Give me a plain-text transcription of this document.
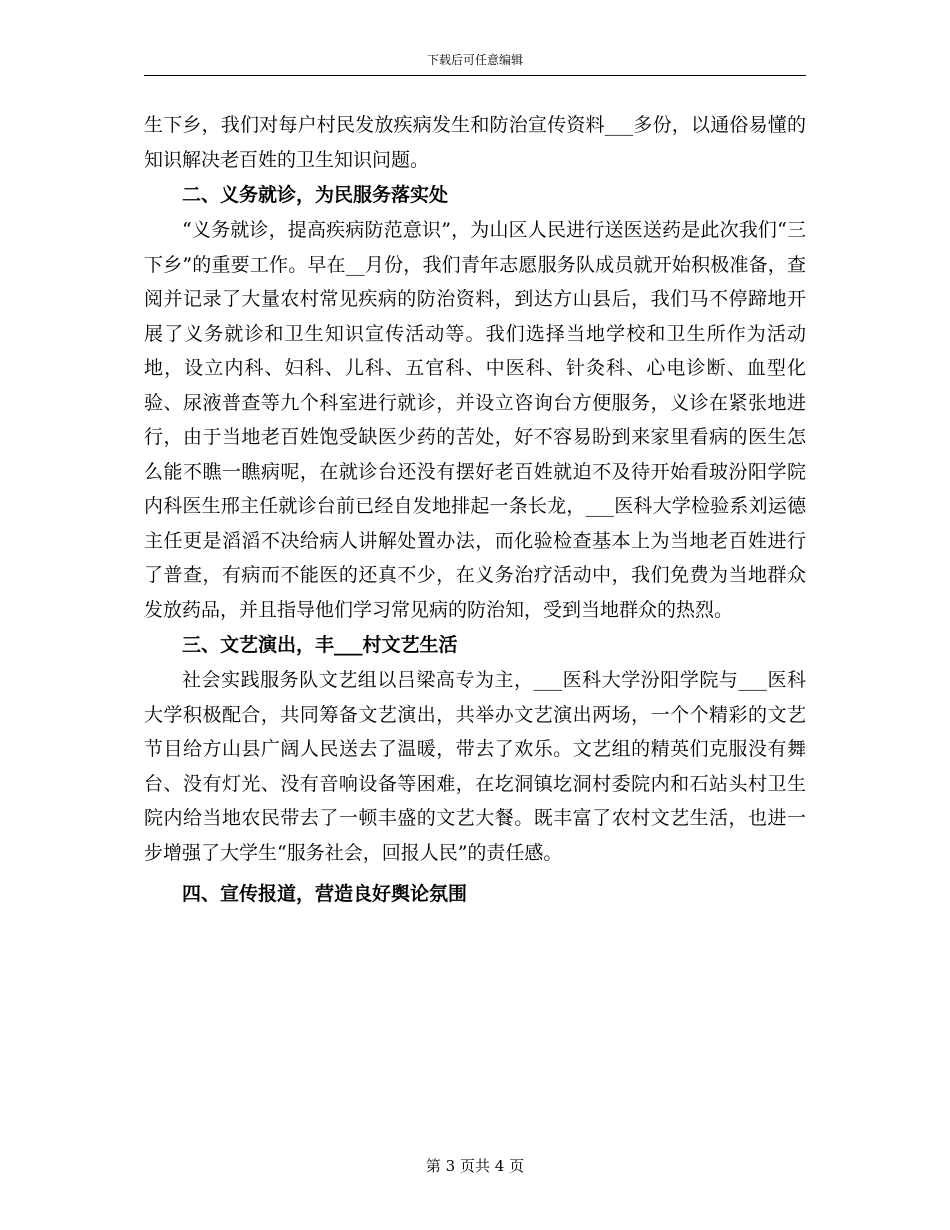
下载后可任意编辑

生下乡，我们对每户村民发放疾病发生和防治宣传资料___多份，以通俗易懂的知识解决老百姓的卫生知识问题。

二、义务就诊，为民服务落实处

“义务就诊，提高疾病防范意识”，为山区人民进行送医送药是此次我们“三下乡”的重要工作。早在__月份，我们青年志愿服务队成员就开始积极准备，查阅并记录了大量农村常见疾病的防治资料，到达方山县后，我们马不停蹄地开展了义务就诊和卫生知识宣传活动等。我们选择当地学校和卫生所作为活动地，设立内科、妇科、儿科、五官科、中医科、针灸科、心电诊断、血型化验、尿液普查等九个科室进行就诊，并设立咨询台方便服务，义诊在紧张地进行，由于当地老百姓饱受缺医少药的苦处，好不容易盼到来家里看病的医生怎么能不瞧一瞧病呢，在就诊台还没有摆好老百姓就迫不及待开始看玻汾阳学院内科医生邢主任就诊台前已经自发地排起一条长龙，___医科大学检验系刘运德主任更是滔滔不决给病人讲解处置办法，而化验检查基本上为当地老百姓进行了普查，有病而不能医的还真不少，在义务治疗活动中，我们免费为当地群众发放药品，并且指导他们学习常见病的防治知，受到当地群众的热烈。

三、文艺演出，丰___村文艺生活

社会实践服务队文艺组以吕梁高专为主，___医科大学汾阳学院与___医科大学积极配合，共同筹备文艺演出，共举办文艺演出两场，一个个精彩的文艺节目给方山县广阔人民送去了温暖，带去了欢乐。文艺组的精英们克服没有舞台、没有灯光、没有音响设备等困难，在圪洞镇圪洞村委院内和石站头村卫生院内给当地农民带去了一顿丰盛的文艺大餐。既丰富了农村文艺生活，也进一步增强了大学生“服务社会，回报人民”的责任感。

四、宣传报道，营造良好舆论氛围

第 3 页共 4 页
